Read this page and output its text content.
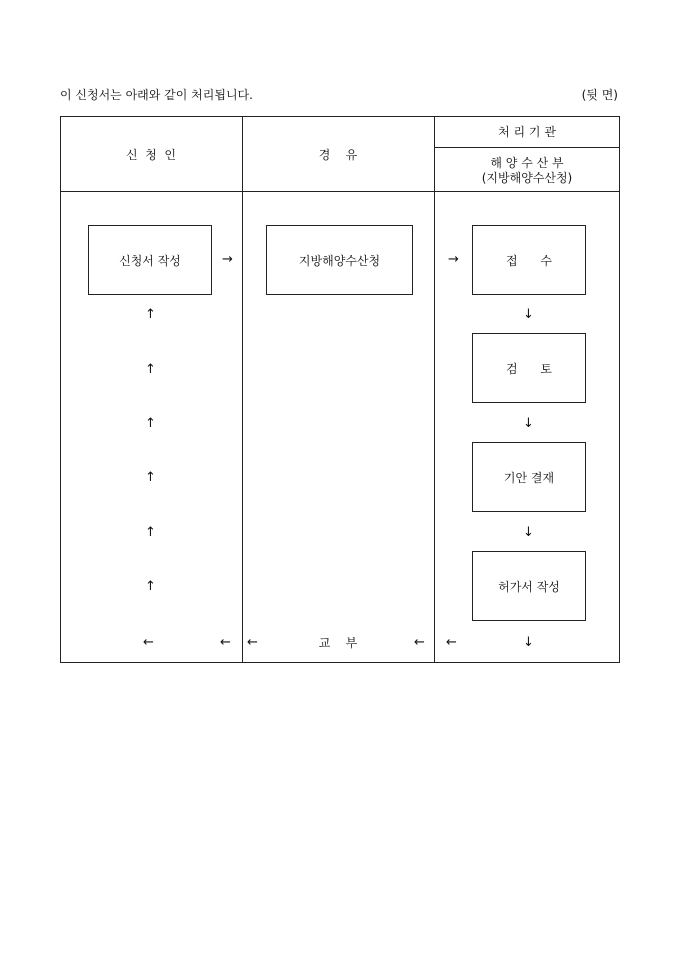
이 신청서는 아래와 같이 처리됩니다.	(뒷 면)
신  청  인	경    유
처 리 기 관
해 양 수 산 부
(지방해양수산청)
신청서 작성	지방해양수산청	접      수
검      토
기안 결재
허가서 작성
→	→
↓
↓
↓
↓
↑
↑
↑
↑
↑
↑
←	← ←	교    부	← ←
